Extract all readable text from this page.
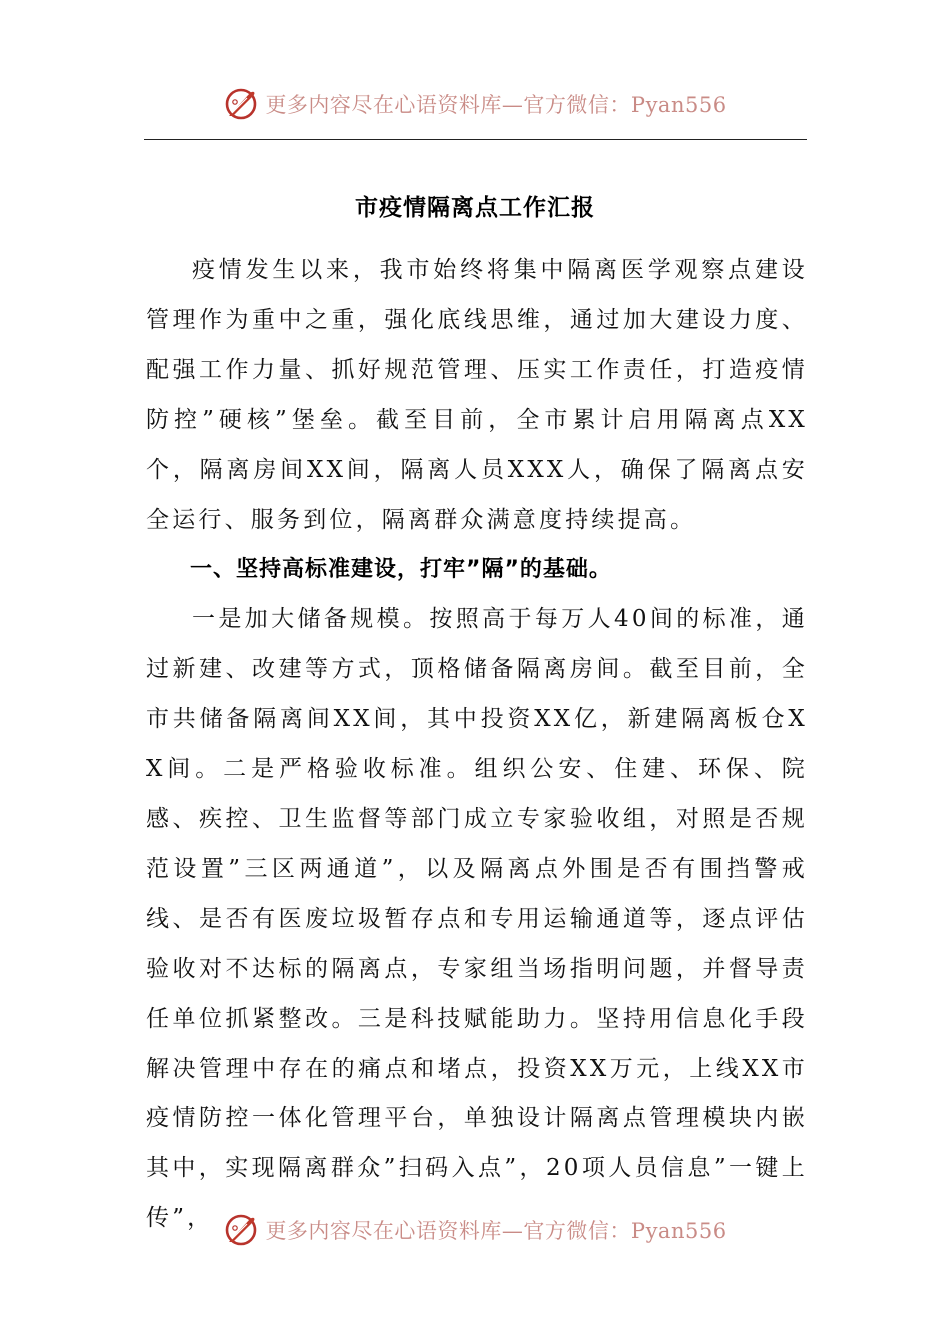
更多内容尽在心语资料库—官方微信：Pyan556
市疫情隔离点工作汇报

疫情发生以来，我市始终将集中隔离医学观察点建设管理作为重中之重，强化底线思维，通过加大建设力度、配强工作力量、抓好规范管理、压实工作责任，打造疫情防控”硬核”堡垒。截至目前，全市累计启用隔离点XX个，隔离房间XX间，隔离人员XXX人，确保了隔离点安全运行、服务到位，隔离群众满意度持续提高。

一、坚持高标准建设，打牢”隔”的基础。

一是加大储备规模。按照高于每万人40间的标准，通过新建、改建等方式，顶格储备隔离房间。截至目前，全市共储备隔离间XX间，其中投资XX亿，新建隔离板仓XX间。二是严格验收标准。组织公安、住建、环保、院感、疾控、卫生监督等部门成立专家验收组，对照是否规范设置”三区两通道”，以及隔离点外围是否有围挡警戒线、是否有医废垃圾暂存点和专用运输通道等，逐点评估验收对不达标的隔离点，专家组当场指明问题，并督导责任单位抓紧整改。三是科技赋能助力。坚持用信息化手段解决管理中存在的痛点和堵点，投资XX万元，上线XX市疫情防控一体化管理平台，单独设计隔离点管理模块内嵌其中，实现隔离群众”扫码入点”，20项人员信息”一键上传”，	更多内容尽在心语资料库—官方微信：Pyan556
